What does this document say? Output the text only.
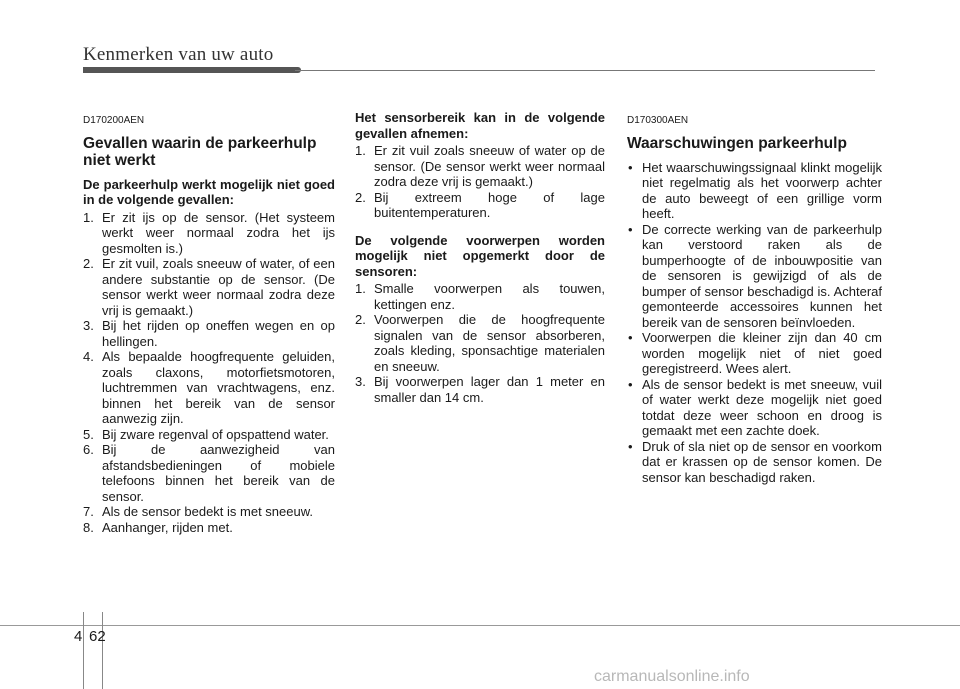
Kenmerken van uw auto
D170200AEN
Gevallen waarin de parkeerhulp niet werkt
De parkeerhulp werkt mogelijk niet goed in de volgende gevallen:
1. Er zit ijs op de sensor. (Het systeem werkt weer normaal zodra het ijs gesmolten is.)
2. Er zit vuil, zoals sneeuw of water, of een andere substantie op de sensor. (De sensor werkt weer normaal zodra deze vrij is gemaakt.)
3. Bij het rijden op oneffen wegen en op hellingen.
4. Als bepaalde hoogfrequente geluiden, zoals claxons, motorfietsmotoren, luchtremmen van vrachtwagens, enz. binnen het bereik van de sensor aanwezig zijn.
5. Bij zware regenval of opspattend water.
6. Bij de aanwezigheid van afstandsbedieningen of mobiele telefoons binnen het bereik van de sensor.
7. Als de sensor bedekt is met sneeuw.
8. Aanhanger, rijden met.
Het sensorbereik kan in de volgende gevallen afnemen:
1. Er zit vuil zoals sneeuw of water op de sensor. (De sensor werkt weer normaal zodra deze vrij is gemaakt.)
2. Bij extreem hoge of lage buitentemperaturen.
De volgende voorwerpen worden mogelijk niet opgemerkt door de sensoren:
1. Smalle voorwerpen als touwen, kettingen enz.
2. Voorwerpen die de hoogfrequente signalen van de sensor absorberen, zoals kleding, sponsachtige materialen en sneeuw.
3. Bij voorwerpen lager dan 1 meter en smaller dan 14 cm.
D170300AEN
Waarschuwingen parkeerhulp
• Het waarschuwingssignaal klinkt mogelijk niet regelmatig als het voorwerp achter de auto beweegt of een grillige vorm heeft.
• De correcte werking van de parkeerhulp kan verstoord raken als de bumperhoogte of de inbouwpositie van de sensoren is gewijzigd of als de bumper of sensor beschadigd is. Achteraf gemonteerde accessoires kunnen het bereik van de sensoren beïnvloeden.
• Voorwerpen die kleiner zijn dan 40 cm worden mogelijk niet of niet goed geregistreerd. Wees alert.
• Als de sensor bedekt is met sneeuw, vuil of water werkt deze mogelijk niet goed totdat deze weer schoon en droog is gemaakt met een zachte doek.
• Druk of sla niet op de sensor en voorkom dat er krassen op de sensor komen. De sensor kan beschadigd raken.
4 62
carmanualsonline.info
